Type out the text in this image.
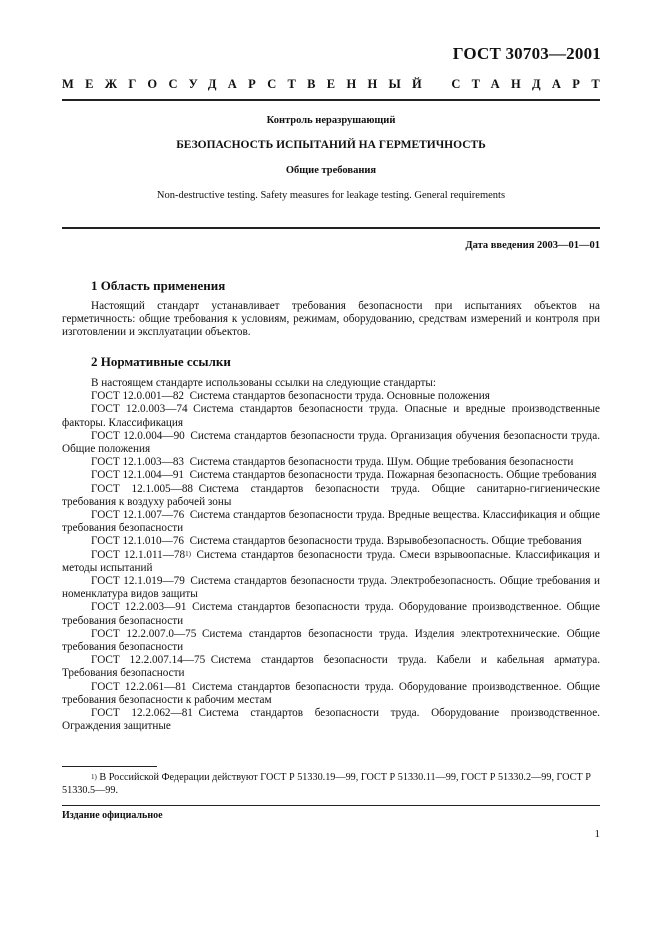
ГОСТ 30703—2001
МЕЖГОСУДАРСТВЕННЫЙ СТАНДАРТ
Контроль неразрушающий
БЕЗОПАСНОСТЬ ИСПЫТАНИЙ НА ГЕРМЕТИЧНОСТЬ
Общие требования
Non-destructive testing. Safety measures for leakage testing. General requirements
Дата введения 2003—01—01
1 Область применения

Настоящий стандарт устанавливает требования безопасности при испытаниях объектов на герметичность: общие требования к условиям, режимам, оборудованию, средствам измерений и контроля при изготовлении и эксплуатации объектов.

2 Нормативные ссылки

В настоящем стандарте использованы ссылки на следующие стандарты:

ГОСТ 12.0.001—82  Система стандартов безопасности труда. Основные положения

ГОСТ 12.0.003—74  Система стандартов безопасности труда. Опасные и вредные производственные факторы. Классификация

ГОСТ 12.0.004—90  Система стандартов безопасности труда. Организация обучения безопасности труда. Общие положения

ГОСТ 12.1.003—83  Система стандартов безопасности труда. Шум. Общие требования безопасности

ГОСТ 12.1.004—91  Система стандартов безопасности труда. Пожарная безопасность. Общие требования

ГОСТ 12.1.005—88  Система стандартов безопасности труда. Общие санитарно-гигиенические требования к воздуху рабочей зоны

ГОСТ 12.1.007—76  Система стандартов безопасности труда. Вредные вещества. Классификация и общие требования безопасности

ГОСТ 12.1.010—76  Система стандартов безопасности труда. Взрывобезопасность. Общие требования

ГОСТ 12.1.011—78$^{1)}$  Система стандартов безопасности труда. Смеси взрывоопасные. Классификация и методы испытаний

ГОСТ 12.1.019—79  Система стандартов безопасности труда. Электробезопасность. Общие требования и номенклатура видов защиты

ГОСТ 12.2.003—91  Система стандартов безопасности труда. Оборудование производственное. Общие требования безопасности

ГОСТ 12.2.007.0—75  Система стандартов безопасности труда. Изделия электротехнические. Общие требования безопасности

ГОСТ 12.2.007.14—75  Система стандартов безопасности труда. Кабели и кабельная арматура. Требования безопасности

ГОСТ 12.2.061—81  Система стандартов безопасности труда. Оборудование производственное. Общие требования безопасности к рабочим местам

ГОСТ 12.2.062—81  Система стандартов безопасности труда. Оборудование производственное. Ограждения защитные

$^{1)}$ В Российской Федерации действуют ГОСТ Р 51330.19—99, ГОСТ Р 51330.11—99, ГОСТ Р 51330.2—99, ГОСТ Р 51330.5—99.

Издание официальное
1
